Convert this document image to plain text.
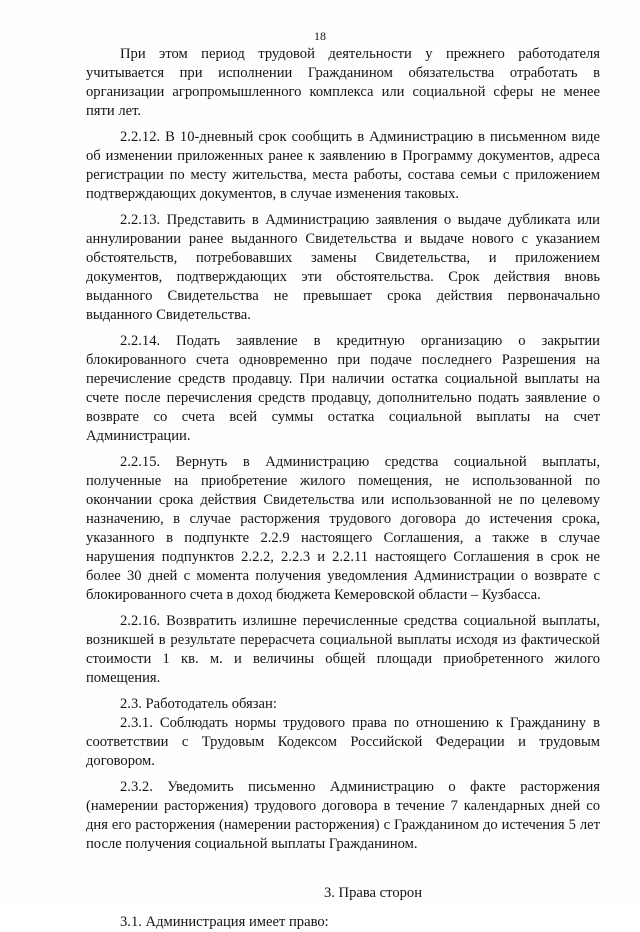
18

При этом период трудовой деятельности у прежнего работодателя учитывается при исполнении Гражданином обязательства отработать в организации агропромышленного комплекса или социальной сферы не менее пяти лет.

2.2.12. В 10-дневный срок сообщить в Администрацию в письменном виде об изменении приложенных ранее к заявлению в Программу документов, адреса регистрации по месту жительства, места работы, состава семьи с приложением подтверждающих документов, в случае изменения таковых.

2.2.13. Представить в Администрацию заявления о выдаче дубликата или аннулировании ранее выданного Свидетельства и выдаче нового с указанием обстоятельств, потребовавших замены Свидетельства, и приложением документов, подтверждающих эти обстоятельства. Срок действия вновь выданного Свидетельства не превышает срока действия первоначально выданного Свидетельства.

2.2.14. Подать заявление в кредитную организацию о закрытии блокированного счета одновременно при подаче последнего Разрешения на перечисление средств продавцу. При наличии остатка социальной выплаты на счете после перечисления средств продавцу, дополнительно подать заявление о возврате со счета всей суммы остатка социальной выплаты на счет Администрации.

2.2.15. Вернуть в Администрацию средства социальной выплаты, полученные на приобретение жилого помещения, не использованной по окончании срока действия Свидетельства или использованной не по целевому назначению, в случае расторжения трудового договора до истечения срока, указанного в подпункте 2.2.9 настоящего Соглашения, а также в случае нарушения подпунктов 2.2.2, 2.2.3 и 2.2.11 настоящего Соглашения в срок не более 30 дней с момента получения уведомления Администрации о возврате с блокированного счета в доход бюджета Кемеровской области – Кузбасса.

2.2.16. Возвратить излишне перечисленные средства социальной выплаты, возникшей в результате перерасчета социальной выплаты исходя из фактической стоимости 1 кв. м. и величины общей площади приобретенного жилого помещения.

2.3. Работодатель обязан:

2.3.1. Соблюдать нормы трудового права по отношению к Гражданину в соответствии с Трудовым Кодексом Российской Федерации и трудовым договором.

2.3.2. Уведомить письменно Администрацию о факте расторжения (намерении расторжения) трудового договора в течение 7 календарных дней со дня его расторжения (намерении расторжения) с Гражданином до истечения 5 лет после получения социальной выплаты Гражданином.

3. Права сторон

3.1. Администрация имеет право:
